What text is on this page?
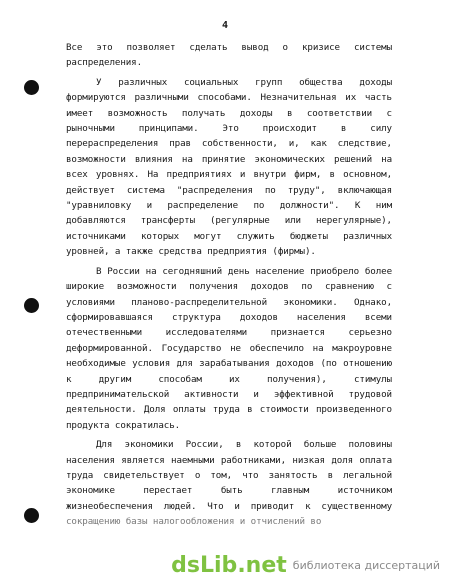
4
Все это позволяет сделать вывод о кризисе системы
распределения.
У различных социальных групп общества доходы
формируются различными способами. Незначительная их часть
имеет возможность получать доходы в соответствии с
рыночными принципами. Это происходит в силу
перераспределения прав собственности, и, как следствие,
возможности влияния на принятие экономических решений на
всех уровнях. На предприятиях и внутри фирм, в основном,
действует система "распределения по труду", включающая
"уравниловку и распределение по должности". К ним
добавляются трансферты (регулярные или нерегулярные),
источниками которых могут служить бюджеты различных
уровней, а также средства предприятия (фирмы).
В России на сегодняшний день население приобрело более
широкие возможности получения доходов по сравнению с
условиями планово-распределительной экономики. Однако,
сформировавшаяся структура доходов населения всеми
отечественными исследователями признается серьезно
деформированной. Государство не обеспечило на макроуровне
необходимые условия для зарабатывания доходов (по отношению
к другим способам их получения), стимулы
предпринимательской активности и эффективной трудовой
деятельности. Доля оплаты труда в стоимости произведенного
продукта сократилась.
Для экономики России, в которой больше половины
населения является наемными работниками, низкая доля оплата
труда свидетельствует о том, что занятость в легальной
экономике перестает быть главным источником
жизнеобеспечения людей. Что и приводит к существенному
сокращению базы налогообложения и отчислений во
dsLib .net библиотека диссертаций
